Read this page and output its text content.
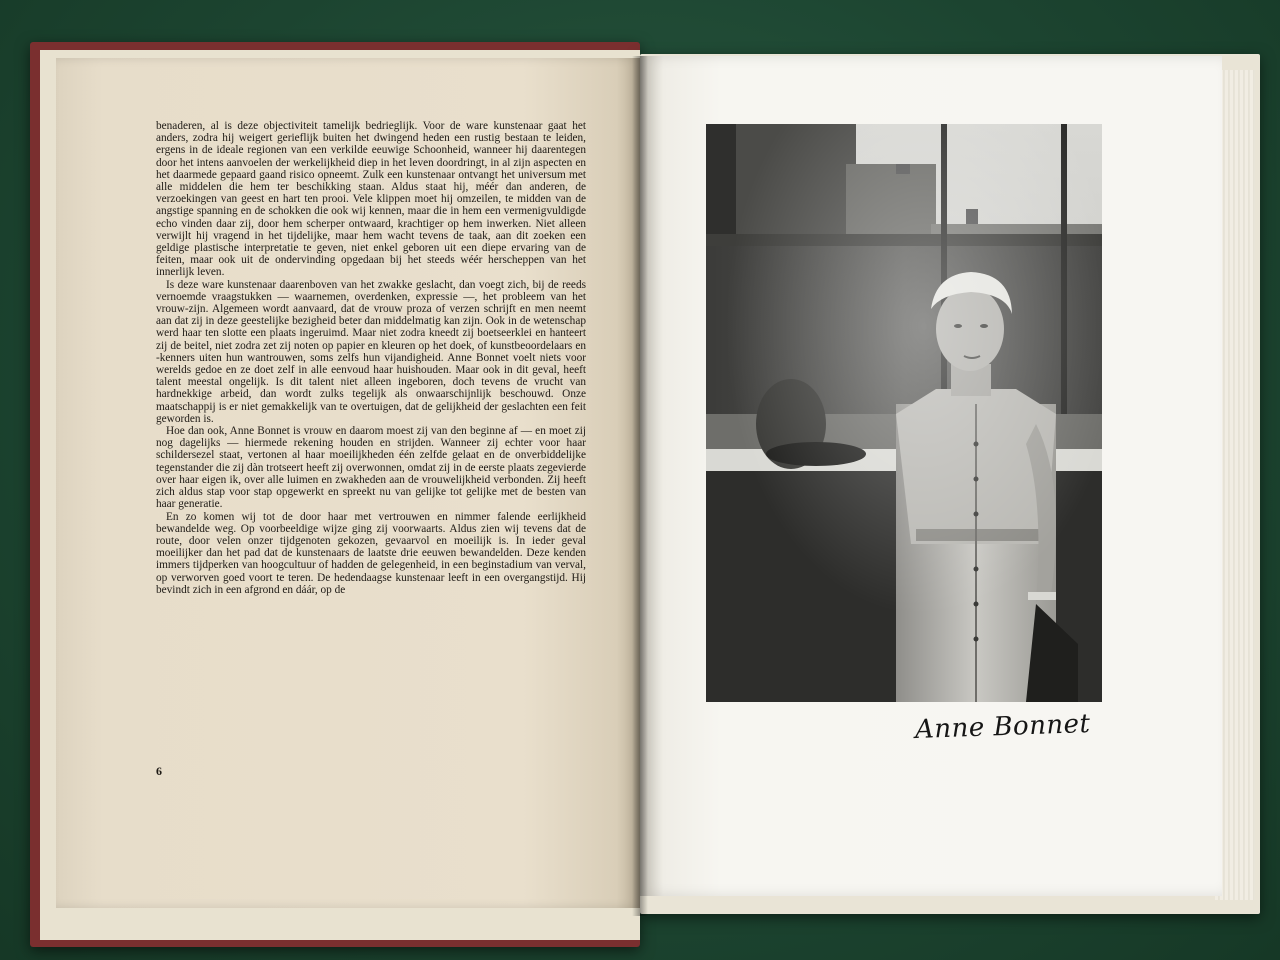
benaderen, al is deze objectiviteit tamelijk bedrieglijk. Voor de ware kunstenaar gaat het anders, zodra hij weigert gerieflijk buiten het dwingend heden een rustig bestaan te leiden, ergens in de ideale regionen van een verkilde eeuwige Schoonheid, wanneer hij daarentegen door het intens aanvoelen der werkelijkheid diep in het leven doordringt, in al zijn aspecten en het daarmede gepaard gaand risico opneemt. Zulk een kunstenaar ontvangt het universum met alle middelen die hem ter beschikking staan. Aldus staat hij, méér dan anderen, de verzoekingen van geest en hart ten prooi. Vele klippen moet hij omzeilen, te midden van de angstige spanning en de schokken die ook wij kennen, maar die in hem een vermenigvuldigde echo vinden daar zij, door hem scherper ontwaard, krachtiger op hem inwerken. Niet alleen verwijlt hij vragend in het tijdelijke, maar hem wacht tevens de taak, aan dit zoeken een geldige plastische interpretatie te geven, niet enkel geboren uit een diepe ervaring van de feiten, maar ook uit de ondervinding opgedaan bij het steeds wéér herscheppen van het innerlijk leven.

Is deze ware kunstenaar daarenboven van het zwakke geslacht, dan voegt zich, bij de reeds vernoemde vraagstukken — waarnemen, overdenken, expressie —, het probleem van het vrouw-zijn. Algemeen wordt aanvaard, dat de vrouw proza of verzen schrijft en men neemt aan dat zij in deze geestelijke bezigheid beter dan middelmatig kan zijn. Ook in de wetenschap werd haar ten slotte een plaats ingeruimd. Maar niet zodra kneedt zij boetseerklei en hanteert zij de beitel, niet zodra zet zij noten op papier en kleuren op het doek, of kunstbeoordelaars en -kenners uiten hun wantrouwen, soms zelfs hun vijandigheid. Anne Bonnet voelt niets voor werelds gedoe en ze doet zelf in alle eenvoud haar huishouden. Maar ook in dit geval, heeft talent meestal ongelijk. Is dit talent niet alleen ingeboren, doch tevens de vrucht van hardnekkige arbeid, dan wordt zulks tegelijk als onwaarschijnlijk beschouwd. Onze maatschappij is er niet gemakkelijk van te overtuigen, dat de gelijkheid der geslachten een feit geworden is.

Hoe dan ook, Anne Bonnet is vrouw en daarom moest zij van den beginne af — en moet zij nog dagelijks — hiermede rekening houden en strijden. Wanneer zij echter voor haar schildersezel staat, vertonen al haar moeilijkheden één zelfde gelaat en de onverbiddelijke tegenstander die zij dàn trotseert heeft zij overwonnen, omdat zij in de eerste plaats zegevierde over haar eigen ik, over alle luimen en zwakheden aan de vrouwelijkheid verbonden. Zij heeft zich aldus stap voor stap opgewerkt en spreekt nu van gelijke tot gelijke met de besten van haar generatie.

En zo komen wij tot de door haar met vertrouwen en nimmer falende eerlijkheid bewandelde weg. Op voorbeeldige wijze ging zij voorwaarts. Aldus zien wij tevens dat de route, door velen onzer tijdgenoten gekozen, gevaarvol en moeilijk is. In ieder geval moeilijker dan het pad dat de kunstenaars de laatste drie eeuwen bewandelden. Deze kenden immers tijdperken van hoogcultuur of hadden de gelegenheid, in een beginstadium van verval, op verworven goed voort te teren. De hedendaagse kunstenaar leeft in een overgangstijd. Hij bevindt zich in een afgrond en dáár, op de

6
Anne Bonnet
